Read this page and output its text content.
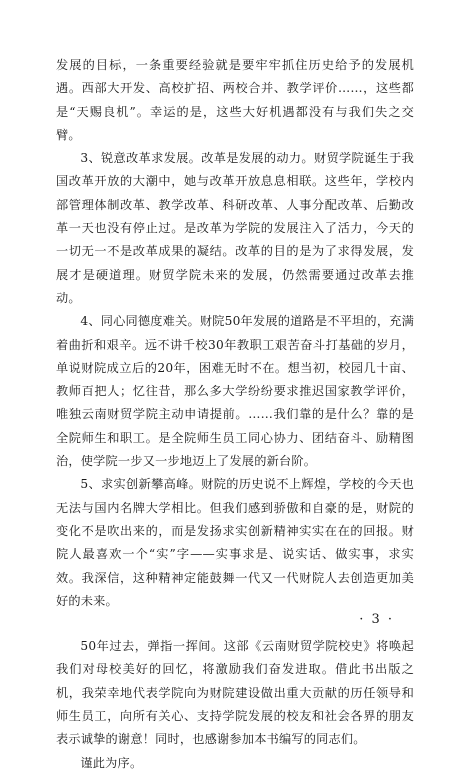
发展的目标，一条重要经验就是要牢牢抓住历史给予的发展机遇。西部大开发、高校扩招、两校合并、教学评价……，这些都是“天赐良机”。幸运的是，这些大好机遇都没有与我们失之交臂。

3、锐意改革求发展。改革是发展的动力。财贸学院诞生于我国改革开放的大潮中，她与改革开放息息相联。这些年，学校内部管理体制改革、教学改革、科研改革、人事分配改革、后勤改革一天也没有停止过。是改革为学院的发展注入了活力，今天的一切无一不是改革成果的凝结。改革的目的是为了求得发展，发展才是硬道理。财贸学院未来的发展，仍然需要通过改革去推动。

4、同心同德度难关。财院50年发展的道路是不平坦的，充满着曲折和艰辛。远不讲千校30年教职工艰苦奋斗打基础的岁月，单说财院成立后的20年，困难无时不在。想当初，校园几十亩、教师百把人；忆往昔，那么多大学纷纷要求推迟国家教学评价，唯独云南财贸学院主动申请提前。……我们靠的是什么？靠的是全院师生和职工。是全院师生员工同心协力、团结奋斗、励精图治，使学院一步又一步地迈上了发展的新台阶。

5、求实创新攀高峰。财院的历史说不上辉煌，学校的今天也无法与国内名牌大学相比。但我们感到骄傲和自豪的是，财院的变化不是吹出来的，而是发扬求实创新精神实实在在的回报。财院人最喜欢一个“实”字——实事求是、说实话、做实事，求实效。我深信，这种精神定能鼓舞一代又一代财院人去创造更加美好的未来。

50年过去，弹指一挥间。这部《云南财贸学院校史》将唤起我们对母校美好的回忆，将激励我们奋发进取。借此书出版之机，我荣幸地代表学院向为财院建设做出重大贡献的历任领导和师生员工，向所有关心、支持学院发展的校友和社会各界的朋友表示诚挚的谢意！同时，也感谢参加本书编写的同志们。

谨此为序。

· 3 ·
